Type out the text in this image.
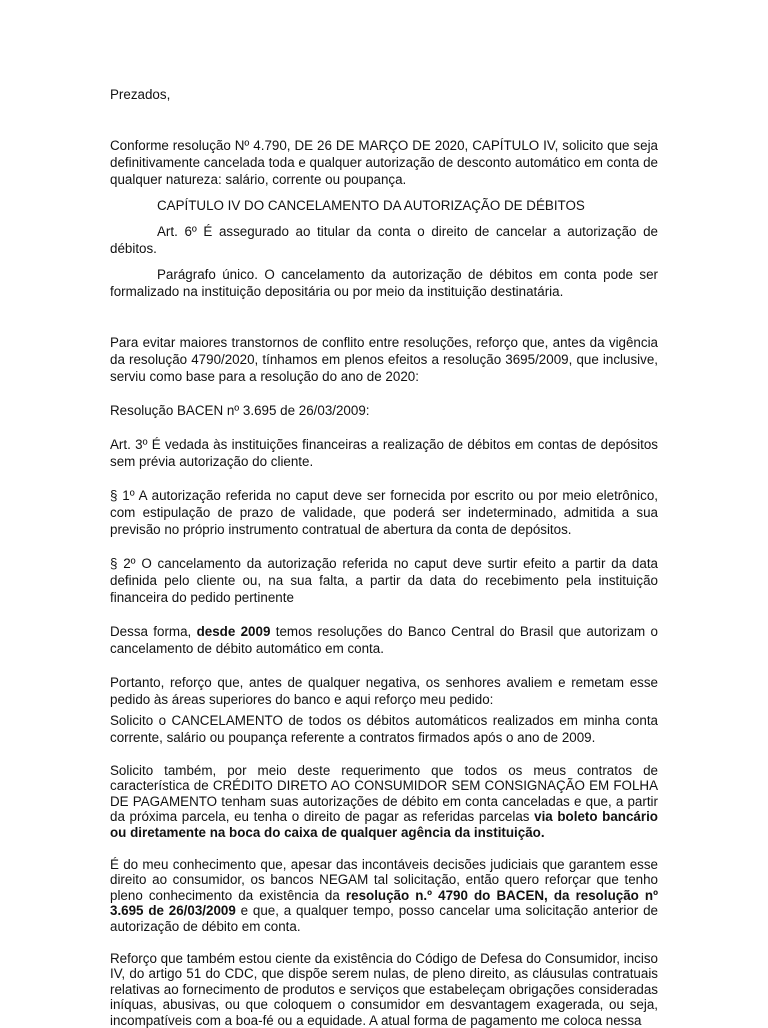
Prezados,

Conforme resolução Nº 4.790, DE 26 DE MARÇO DE 2020, CAPÍTULO IV, solicito que seja definitivamente cancelada toda e qualquer autorização de desconto automático em conta de qualquer natureza: salário, corrente ou poupança.

CAPÍTULO IV DO CANCELAMENTO DA AUTORIZAÇÃO DE DÉBITOS

Art. 6º É assegurado ao titular da conta o direito de cancelar a autorização de débitos.

Parágrafo único. O cancelamento da autorização de débitos em conta pode ser formalizado na instituição depositária ou por meio da instituição destinatária.

Para evitar maiores transtornos de conflito entre resoluções, reforço que, antes da vigência da resolução 4790/2020, tínhamos em plenos efeitos a resolução 3695/2009, que inclusive, serviu como base para a resolução do ano de 2020:

Resolução BACEN nº 3.695 de 26/03/2009:

Art. 3º É vedada às instituições financeiras a realização de débitos em contas de depósitos sem prévia autorização do cliente.

§ 1º A autorização referida no caput deve ser fornecida por escrito ou por meio eletrônico, com estipulação de prazo de validade, que poderá ser indeterminado, admitida a sua previsão no próprio instrumento contratual de abertura da conta de depósitos.

§ 2º O cancelamento da autorização referida no caput deve surtir efeito a partir da data definida pelo cliente ou, na sua falta, a partir da data do recebimento pela instituição financeira do pedido pertinente

Dessa forma, desde 2009 temos resoluções do Banco Central do Brasil que autorizam o cancelamento de débito automático em conta.

Portanto, reforço que, antes de qualquer negativa, os senhores avaliem e remetam esse pedido às áreas superiores do banco e aqui reforço meu pedido:

Solicito o CANCELAMENTO de todos os débitos automáticos realizados em minha conta corrente, salário ou poupança referente a contratos firmados após o ano de 2009.

Solicito também, por meio deste requerimento que todos os meus contratos de característica de CRÉDITO DIRETO AO CONSUMIDOR SEM CONSIGNAÇÃO EM FOLHA DE PAGAMENTO tenham suas autorizações de débito em conta canceladas e que, a partir da próxima parcela, eu tenha o direito de pagar as referidas parcelas via boleto bancário ou diretamente na boca do caixa de qualquer agência da instituição.

É do meu conhecimento que, apesar das incontáveis decisões judiciais que garantem esse direito ao consumidor, os bancos NEGAM tal solicitação, então quero reforçar que tenho pleno conhecimento da existência da resolução n.º 4790 do BACEN, da resolução nº 3.695 de 26/03/2009 e que, a qualquer tempo, posso cancelar uma solicitação anterior de autorização de débito em conta.

Reforço que também estou ciente da existência do Código de Defesa do Consumidor, inciso IV, do artigo 51 do CDC, que dispõe serem nulas, de pleno direito, as cláusulas contratuais relativas ao fornecimento de produtos e serviços que estabeleçam obrigações consideradas iníquas, abusivas, ou que coloquem o consumidor em desvantagem exagerada, ou seja, incompatíveis com a boa-fé ou a equidade. A atual forma de pagamento me coloca nessa
